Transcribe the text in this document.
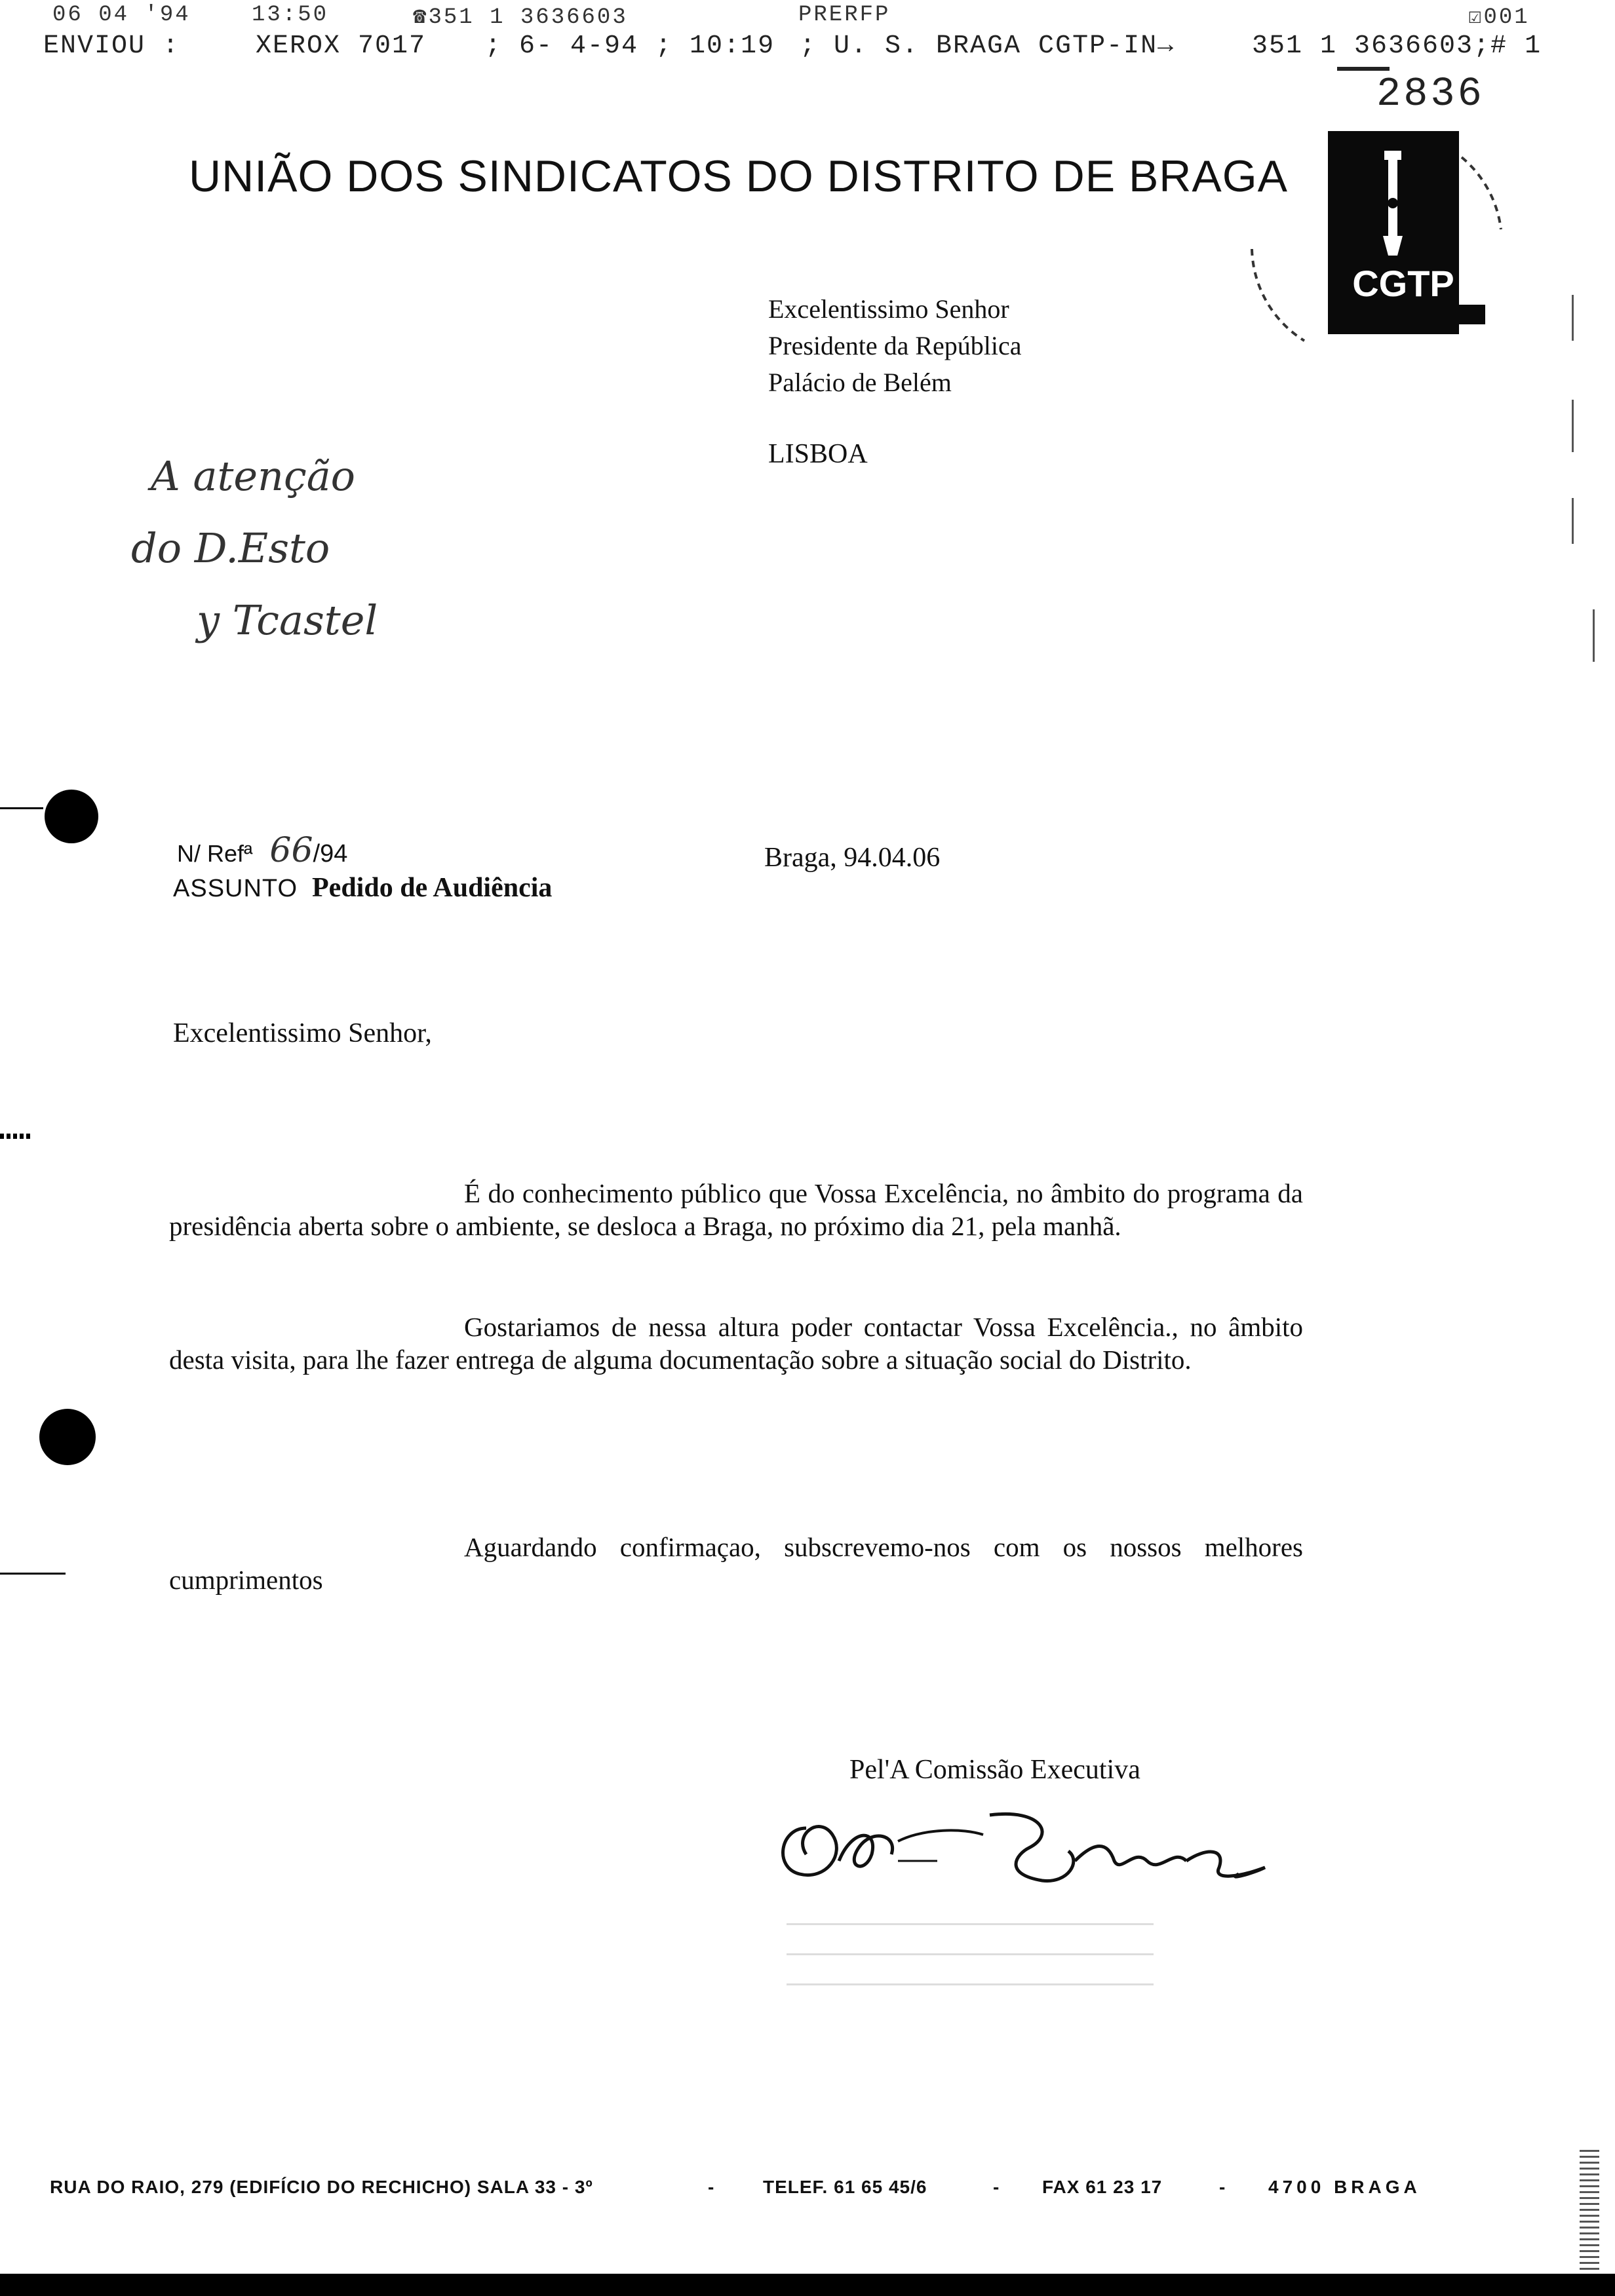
06 04 '94	13:50	☎351 1 3636603	PRERFP	☑001
ENVIOU :	XEROX 7017 ; 6- 4-94 ; 10:19 ; U. S. BRAGA CGTP-IN→	351 1 3636603;# 1
2836
UNIÃO DOS SINDICATOS DO DISTRITO DE BRAGA
CGTP
Excelentissimo Senhor
Presidente da República
Palácio de Belém
LISBOA
A atenção
do D.Esto
y Tcastel
N/ Refª 66/94
ASSUNTO Pedido de Audiência
Braga, 94.04.06
Excelentissimo Senhor,
É do conhecimento público que Vossa Excelência, no âmbito do programa da presidência aberta sobre o ambiente, se desloca a Braga, no próximo dia 21, pela manhã.
Gostariamos de nessa altura poder contactar Vossa Excelência., no âmbito desta visita, para lhe fazer entrega de alguma documentação sobre a situação social do Distrito.
Aguardando confirmaçao, subscrevemo-nos com os nossos melhores cumprimentos
Pel'A Comissão Executiva
RUA DO RAIO, 279 (EDIFÍCIO DO RECHICHO) SALA 33 - 3º	-	TELEF. 61 65 45/6	- FAX 61 23 17	- 4700 BRAGA
